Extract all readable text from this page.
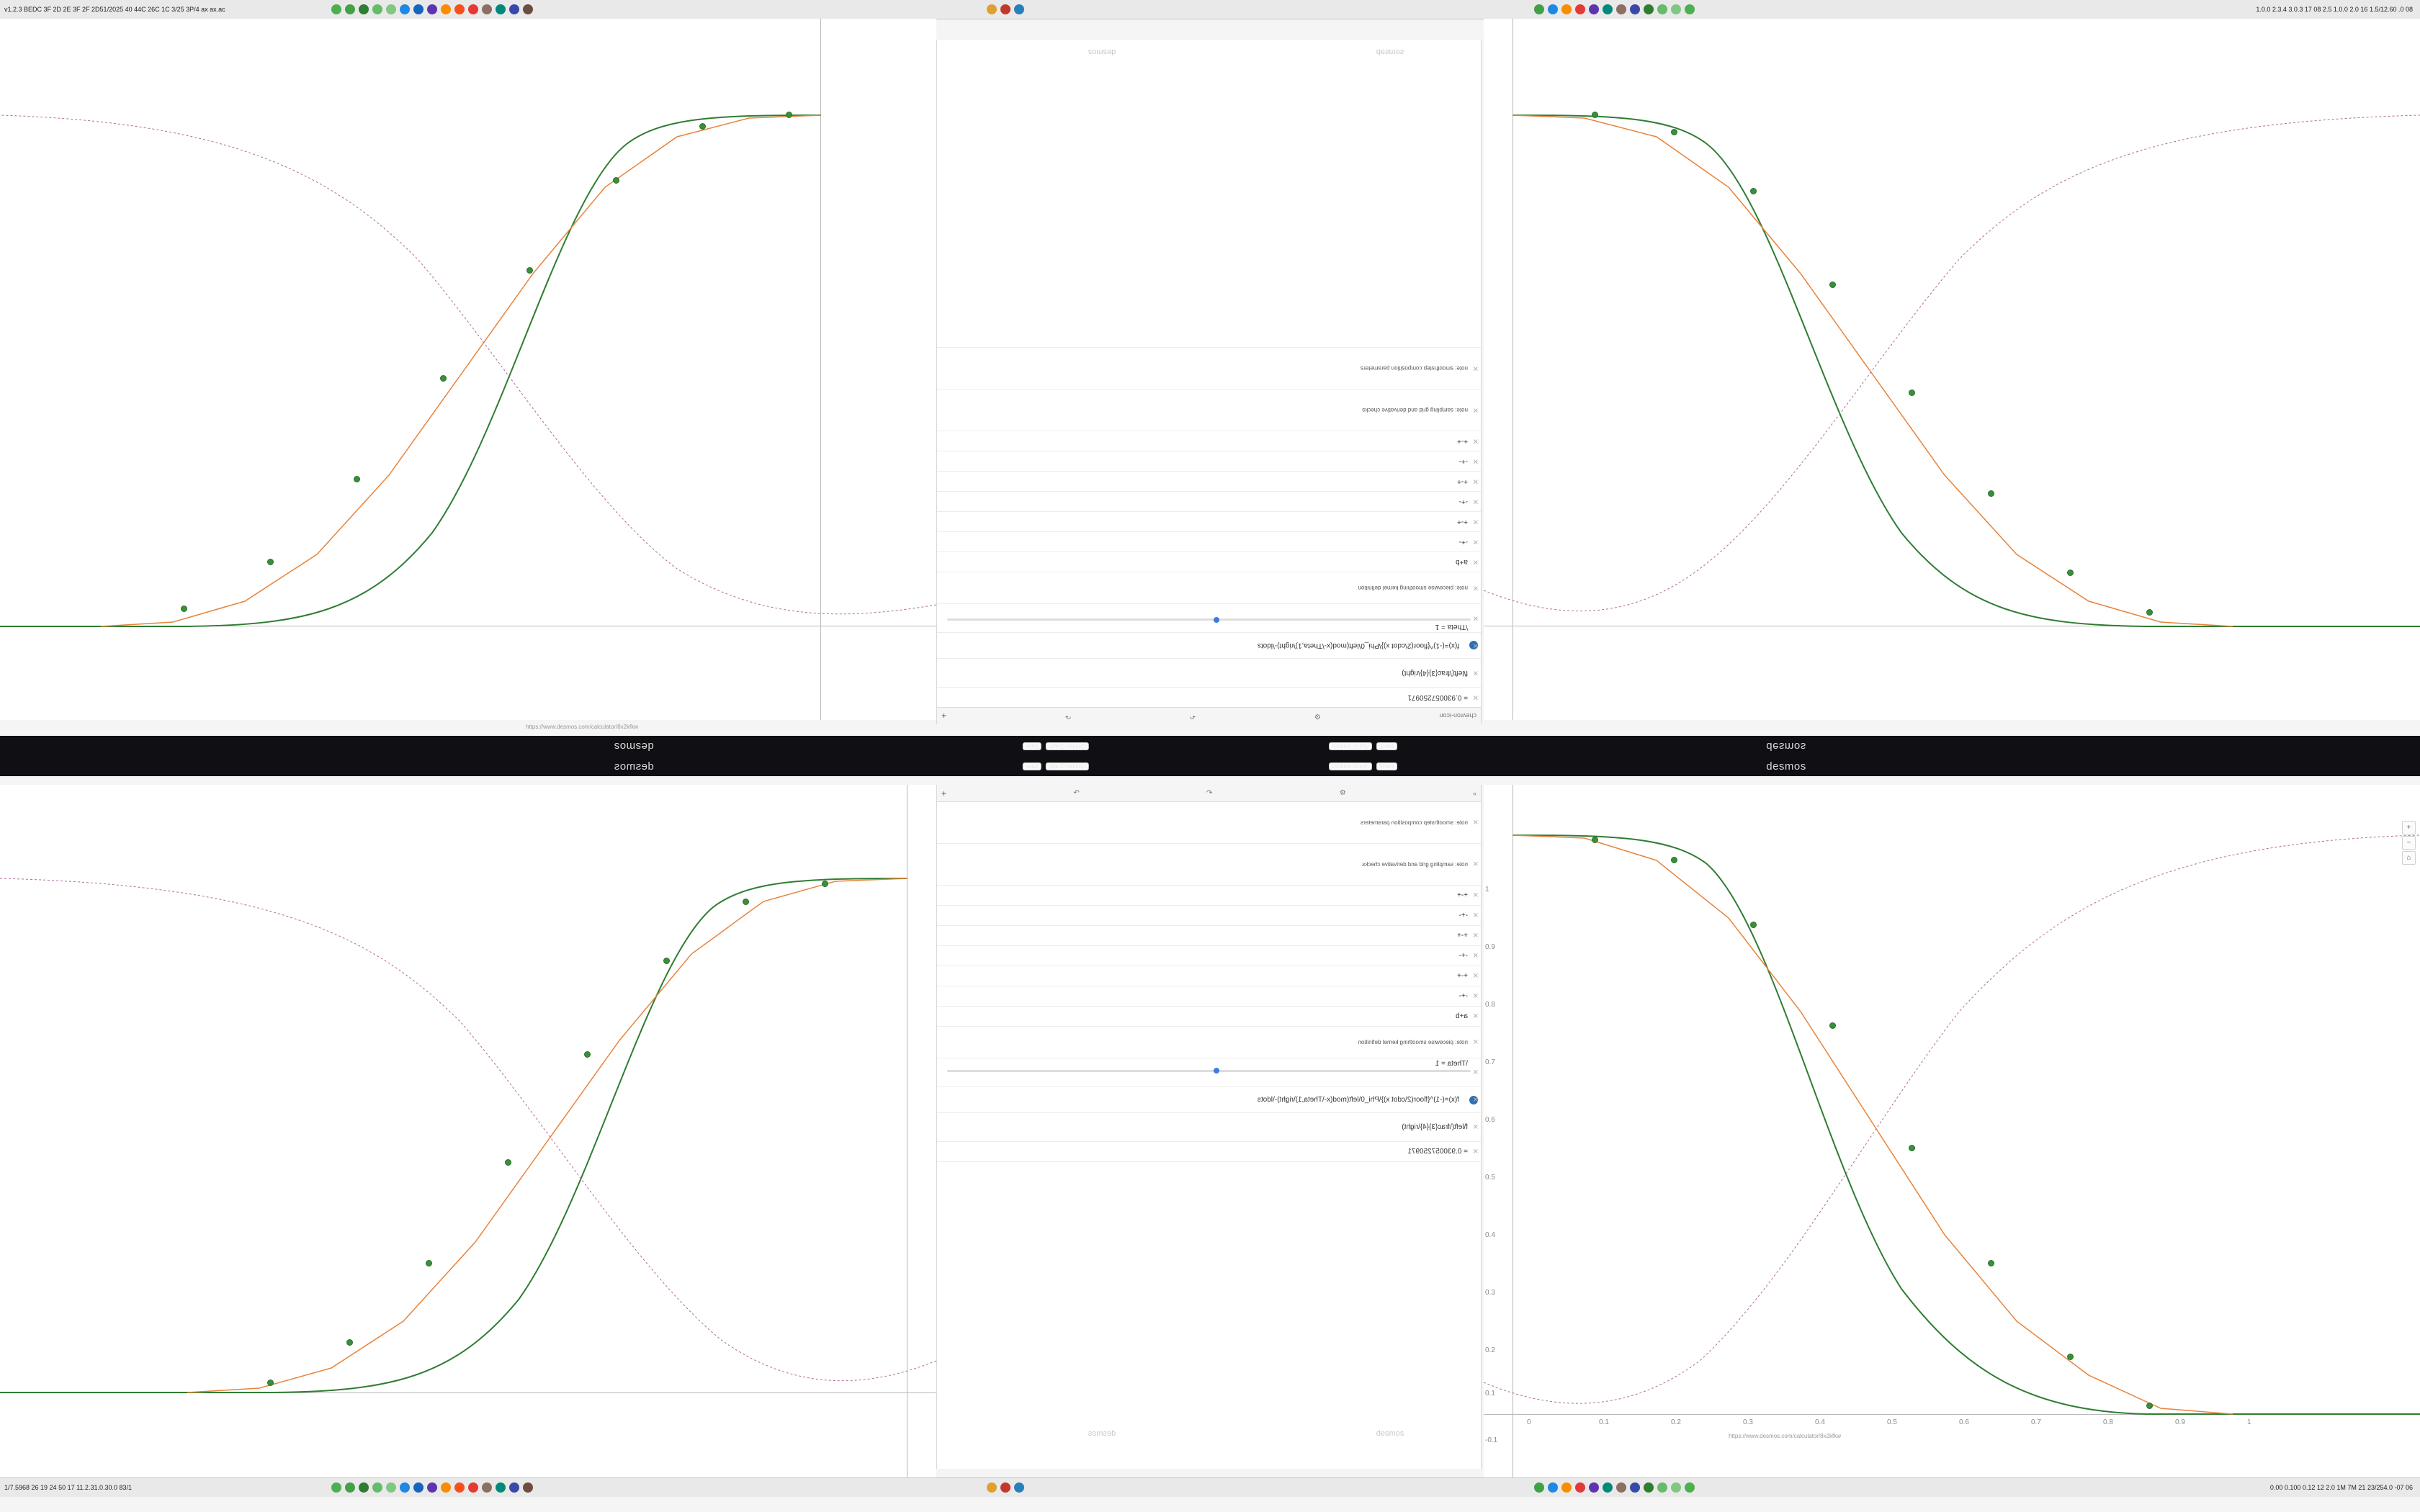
v1.2.3 BEDC 3F 2D 2E 3F 2F 2D51/2025 40 44C 26C 1C 3/25 3P/4 ax ax.ac	1.0.0 2.3.4 3.0.3 17 08 2.5 1.0.0 2.0 16 1.5/12.60 .0 08
1
0.9
0.8
0.7
0.6
0.5
0.4
0.3
0.2
0.1
-0.1
0	0.1	0.2	0.3	0.4	0.5	0.6	0.7	0.8	0.9	1
+
−
⌂
chevron-icon
⚙
↶
↷
+
✕
= 0.930057250971
✕
f\left(\frac{3}{4}\right)
✕
f(x)=(-1)^{floor(2\cdot x)}\Phi_0\left(mod(x-\Theta,1)\right)-\ldots
✕
\Theta = 1
✕
note: piecewise smoothing kernel definition
✕
a+b
✕
-+-
✕
+-+
✕
-+-
✕
+-+
✕
-+-
✕
+-+
✕
note: sampling grid and derivative checks
✕
note: smoothstep composition parameters
»
⚙
↶
↷
+
✕
note: smoothstep composition parameters
✕
note: sampling grid and derivative checks
✕
+-+
✕
-+-
✕
+-+
✕
-+-
✕
+-+
✕
-+-
✕
a+b
✕
note: piecewise smoothing kernel definition
✕
\Theta = 1
✕
f(x)=(-1)^{floor(2\cdot x)}\Phi_0\left(mod(x-\Theta,1)\right)-\ldots
✕
f\left(\frac{3}{4}\right)
✕
= 0.930057250971
desmos	desmos
desmos	desmos
desmos	desmos
Untitled Graph
Save	Untitled Graph	Share
desmos	desmos
Untitled Graph
Save	Untitled Graph	Share
https://www.desmos.com/calculator/8x2kfkw
https://www.desmos.com/calculator/8x2kfkw
1/7.5968 26 19 24 50 17 11.2.31.0.30.0 83/1	0.00 0.100 0.12 12 2.0 1M 7M 21 23/254.0 -07 06
